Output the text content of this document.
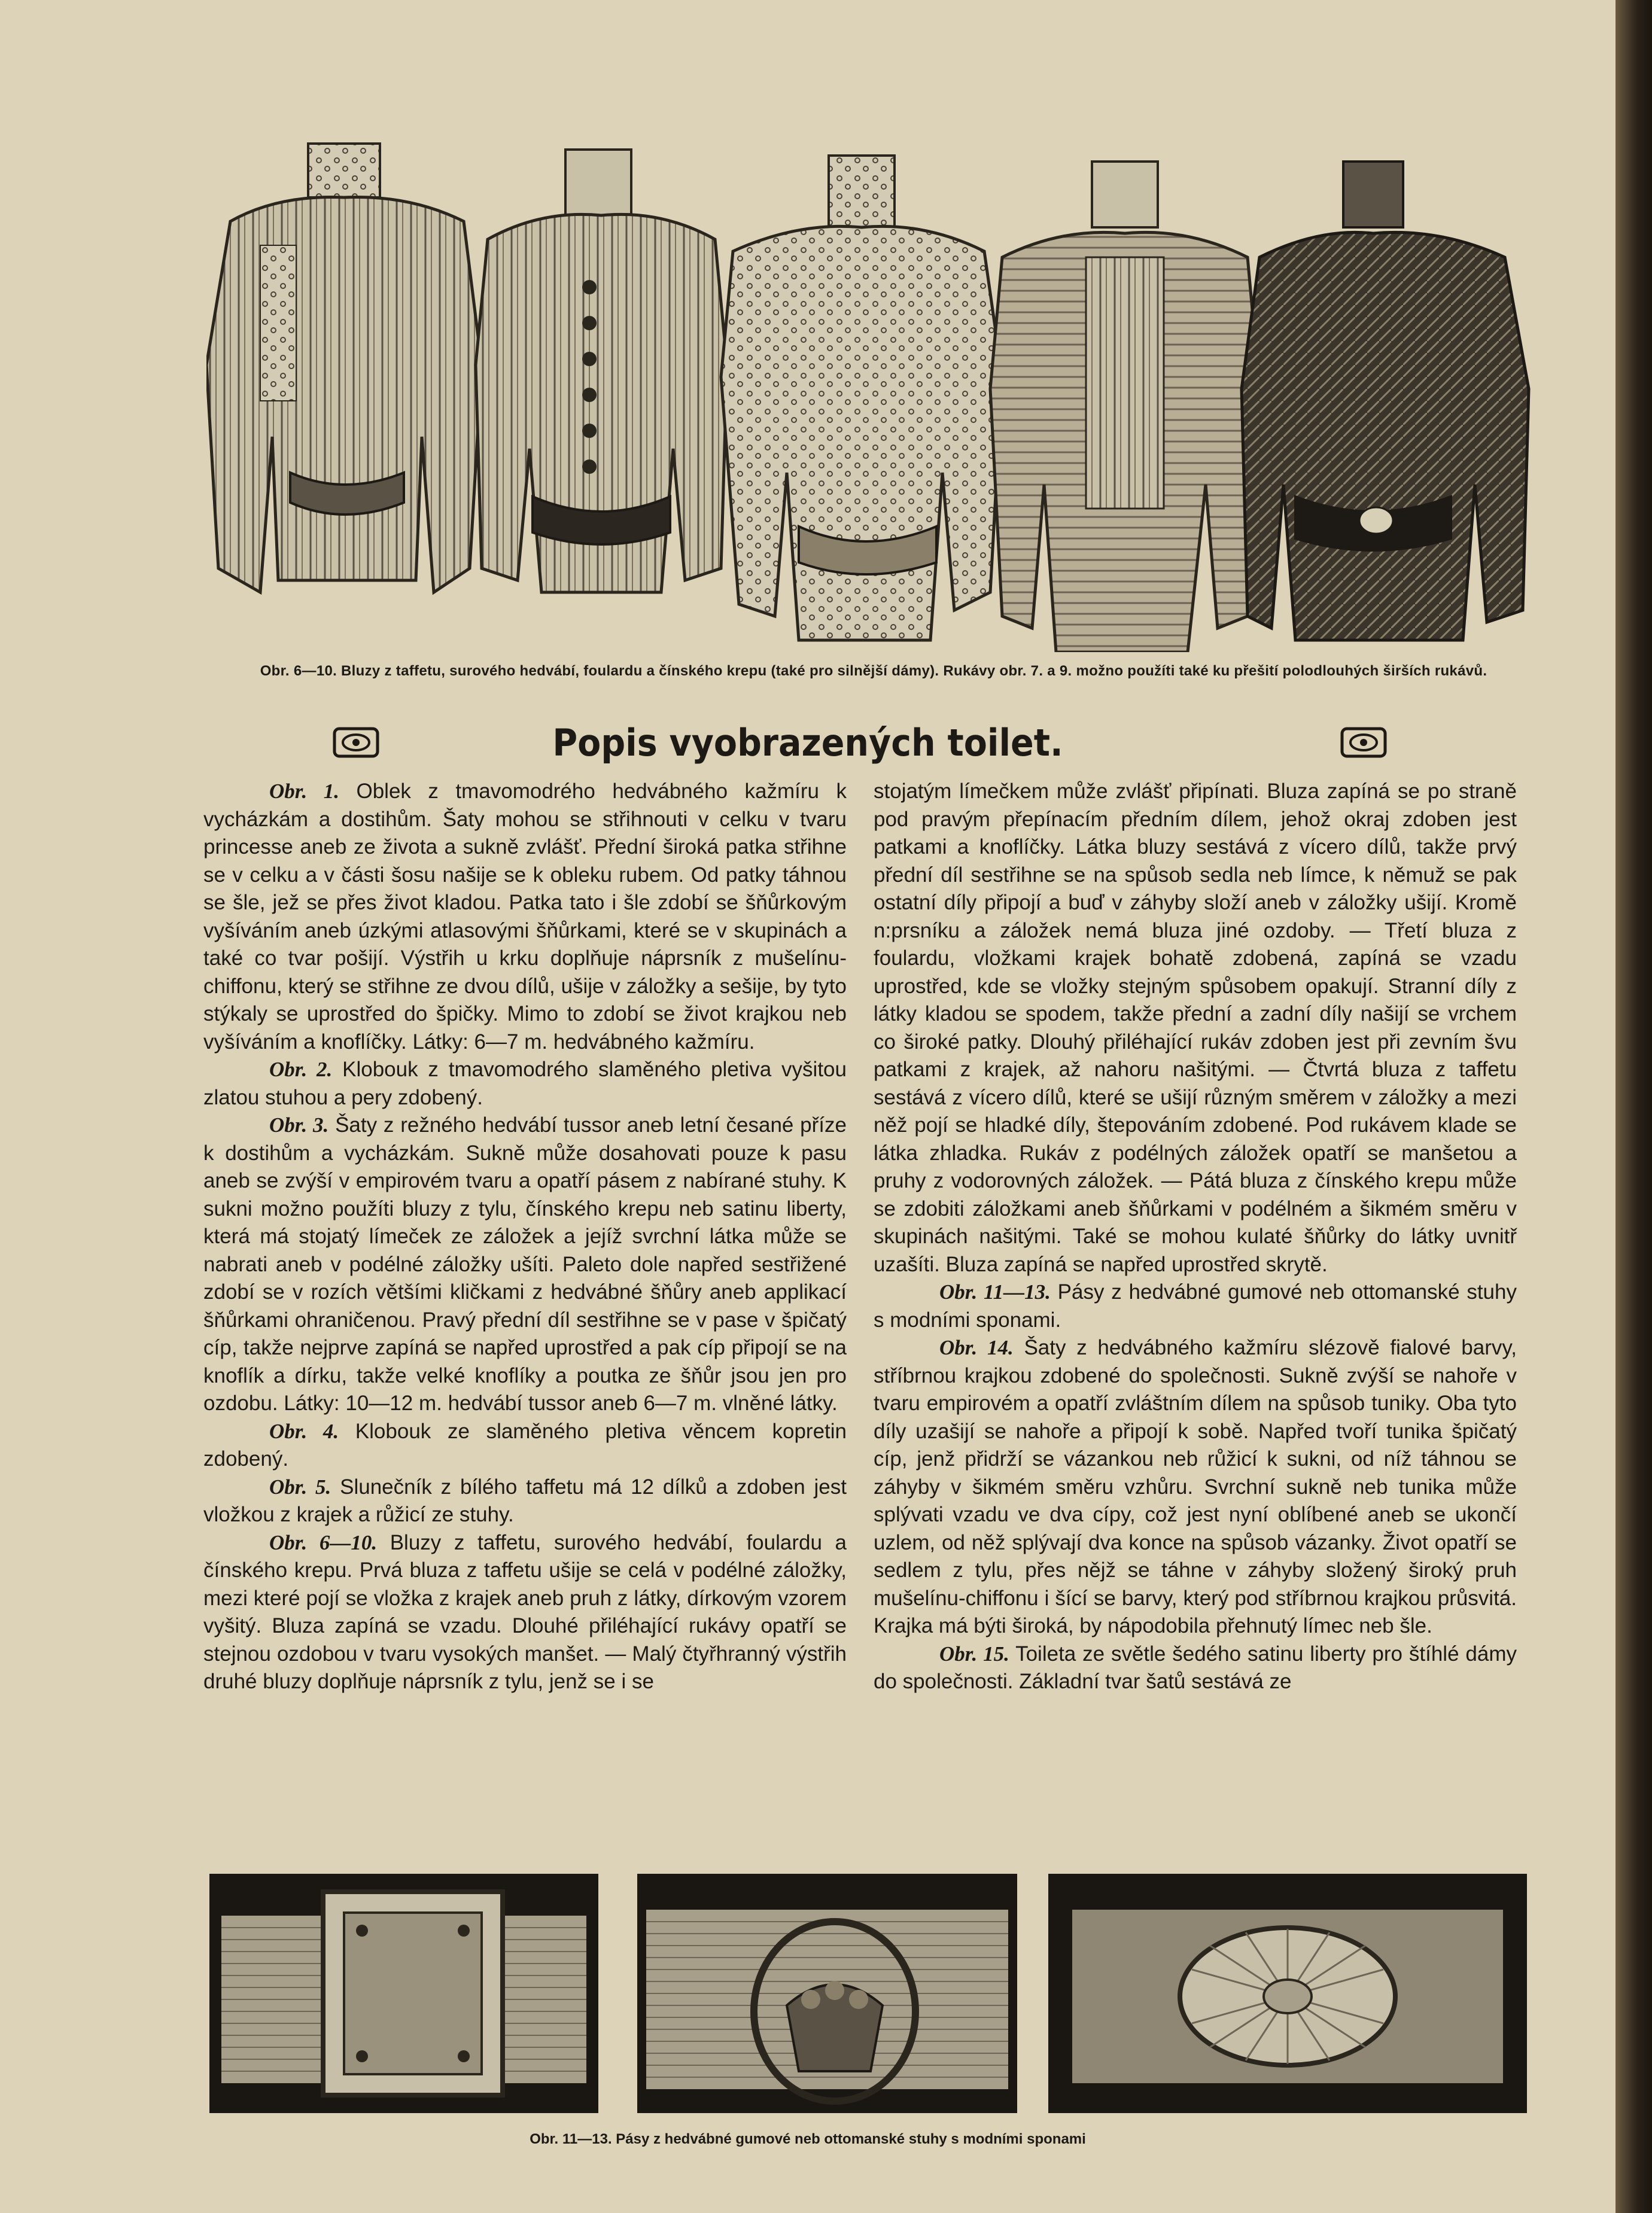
Obr. 6—10. Bluzy z taffetu, surového hedvábí, foulardu a čínského krepu (také pro silnější dámy). Rukávy obr. 7. a 9. možno použíti také ku přešití polodlouhých širších rukávů.
Popis vyobrazených toilet.

Obr. 1. Oblek z tmavomodrého hedvábného kažmíru k vycházkám a dostihům. Šaty mohou se střihnouti v celku v tvaru princesse aneb ze života a sukně zvlášť. Přední široká patka střihne se v celku a v části šosu našije se k obleku rubem. Od patky táhnou se šle, jež se přes život kladou. Patka tato i šle zdobí se šňůrkovým vyšíváním aneb úzkými atlasovými šňůrkami, které se v skupinách a také co tvar pošijí. Výstřih u krku doplňuje náprsník z mušelínu-chiffonu, který se střihne ze dvou dílů, ušije v záložky a sešije, by tyto stýkaly se uprostřed do špičky. Mimo to zdobí se život krajkou neb vyšíváním a knoflíčky. Látky: 6—7 m. hedvábného kažmíru.

Obr. 2. Klobouk z tmavomodrého slaměného pletiva vyšitou zlatou stuhou a pery zdobený.

Obr. 3. Šaty z režného hedvábí tussor aneb letní česané příze k dostihům a vycházkám. Sukně může dosahovati pouze k pasu aneb se zvýší v empirovém tvaru a opatří pásem z nabírané stuhy. K sukni možno použíti bluzy z tylu, čínského krepu neb satinu liberty, která má stojatý límeček ze záložek a jejíž svrchní látka může se nabrati aneb v podélné záložky ušíti. Paleto dole napřed sestřižené zdobí se v rozích většími kličkami z hedvábné šňůry aneb applikací šňůrkami ohraničenou. Pravý přední díl sestřihne se v pase v špičatý cíp, takže nejprve zapíná se napřed uprostřed a pak cíp připojí se na knoflík a dírku, takže velké knoflíky a poutka ze šňůr jsou jen pro ozdobu. Látky: 10—12 m. hedvábí tussor aneb 6—7 m. vlněné látky.

Obr. 4. Klobouk ze slaměného pletiva věncem kopretin zdobený.

Obr. 5. Slunečník z bílého taffetu má 12 dílků a zdoben jest vložkou z krajek a růžicí ze stuhy.

Obr. 6—10. Bluzy z taffetu, surového hedvábí, foulardu a čínského krepu. Prvá bluza z taffetu ušije se celá v podélné záložky, mezi které pojí se vložka z krajek aneb pruh z látky, dírkovým vzorem vyšitý. Bluza zapíná se vzadu. Dlouhé přiléhající rukávy opatří se stejnou ozdobou v tvaru vysokých manšet. — Malý čtyřhranný výstřih druhé bluzy doplňuje náprsník z tylu, jenž se i se

stojatým límečkem může zvlášť připínati. Bluza zapíná se po straně pod pravým přepínacím předním dílem, jehož okraj zdoben jest patkami a knoflíčky. Látka bluzy sestává z vícero dílů, takže prvý přední díl sestřihne se na spůsob sedla neb límce, k němuž se pak ostatní díly připojí a buď v záhyby složí aneb v záložky ušijí. Kromě n:prsníku a záložek nemá bluza jiné ozdoby. — Třetí bluza z foulardu, vložkami krajek bohatě zdobená, zapíná se vzadu uprostřed, kde se vložky stejným spůsobem opakují. Stranní díly z látky kladou se spodem, takže přední a zadní díly našijí se vrchem co široké patky. Dlouhý přiléhající rukáv zdoben jest při zevním švu patkami z krajek, až nahoru našitými. — Čtvrtá bluza z taffetu sestává z vícero dílů, které se ušijí různým směrem v záložky a mezi něž pojí se hladké díly, štepováním zdobené. Pod rukávem klade se látka zhladka. Rukáv z podélných záložek opatří se manšetou a pruhy z vodorovných záložek. — Pátá bluza z čínského krepu může se zdobiti záložkami aneb šňůrkami v podélném a šikmém směru v skupinách našitými. Také se mohou kulaté šňůrky do látky uvnitř uzašíti. Bluza zapíná se napřed uprostřed skrytě.

Obr. 11—13. Pásy z hedvábné gumové neb ottomanské stuhy s modními sponami.

Obr. 14. Šaty z hedvábného kažmíru slézově fialové barvy, stříbrnou krajkou zdobené do společnosti. Sukně zvýší se nahoře v tvaru empirovém a opatří zvláštním dílem na spůsob tuniky. Oba tyto díly uzašijí se nahoře a připojí k sobě. Napřed tvoří tunika špičatý cíp, jenž přidrží se vázankou neb růžicí k sukni, od níž táhnou se záhyby v šikmém směru vzhůru. Svrchní sukně neb tunika může splývati vzadu ve dva cípy, což jest nyní oblíbené aneb se ukončí uzlem, od něž splývají dva konce na spůsob vázanky. Život opatří se sedlem z tylu, přes nějž se táhne v záhyby složený široký pruh mušelínu-chiffonu i šící se barvy, který pod stříbrnou krajkou průsvitá. Krajka má býti široká, by nápodobila přehnutý límec neb šle.

Obr. 15. Toileta ze světle šedého satinu liberty pro štíhlé dámy do společnosti. Základní tvar šatů sestává ze

Obr. 11—13. Pásy z hedvábné gumové neb ottomanské stuhy s modními sponami
